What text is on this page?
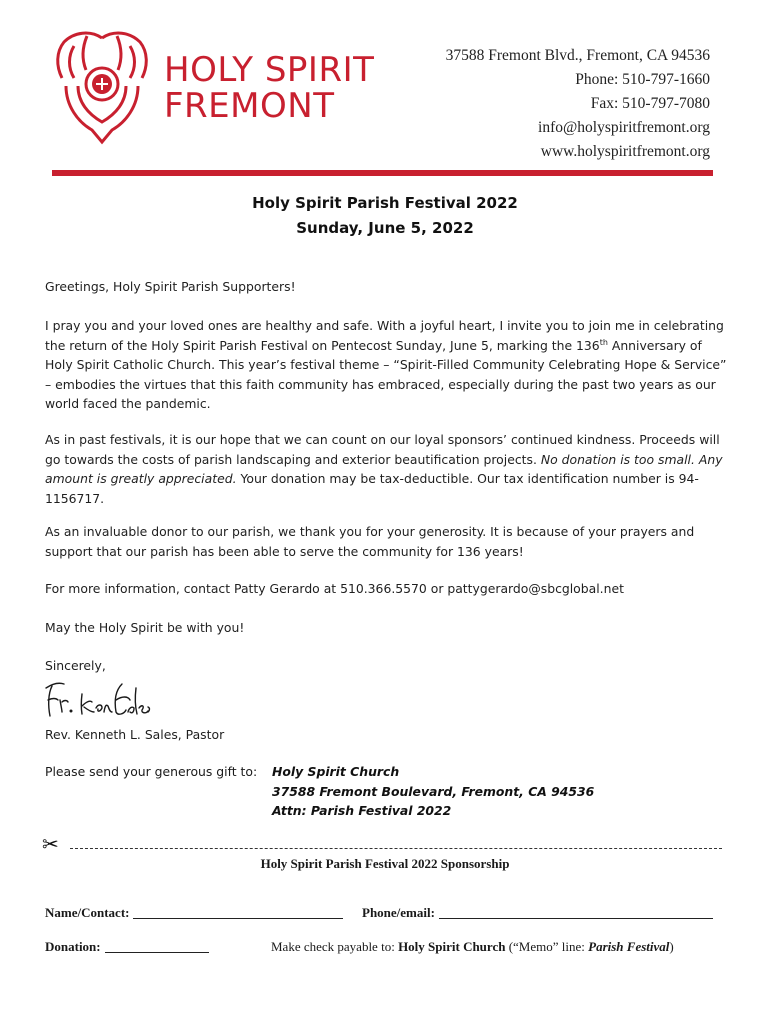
HOLY SPIRIT
FREMONT
37588 Fremont Blvd., Fremont, CA 94536
Phone: 510-797-1660
Fax: 510-797-7080
info@holyspiritfremont.org
www.holyspiritfremont.org
Holy Spirit Parish Festival 2022
Sunday, June 5, 2022
Greetings, Holy Spirit Parish Supporters!
I pray you and your loved ones are healthy and safe. With a joyful heart, I invite you to join me in celebrating the return of the Holy Spirit Parish Festival on Pentecost Sunday, June 5, marking the 136th Anniversary of Holy Spirit Catholic Church. This year’s festival theme – “Spirit-Filled Community Celebrating Hope & Service” – embodies the virtues that this faith community has embraced, especially during the past two years as our world faced the pandemic.
As in past festivals, it is our hope that we can count on our loyal sponsors’ continued kindness. Proceeds will go towards the costs of parish landscaping and exterior beautification projects. No donation is too small. Any amount is greatly appreciated. Your donation may be tax-deductible. Our tax identification number is 94-1156717.
As an invaluable donor to our parish, we thank you for your generosity. It is because of your prayers and support that our parish has been able to serve the community for 136 years!
For more information, contact Patty Gerardo at 510.366.5570 or pattygerardo@sbcglobal.net
May the Holy Spirit be with you!
Sincerely,
Fr. Ken Sales
Rev. Kenneth L. Sales, Pastor
Please send your generous gift to: Holy Spirit Church
37588 Fremont Boulevard, Fremont, CA 94536
Attn: Parish Festival 2022
✂
Holy Spirit Parish Festival 2022 Sponsorship
Name/Contact:	Phone/email:
Donation:	Make check payable to: Holy Spirit Church (“Memo” line: Parish Festival)
